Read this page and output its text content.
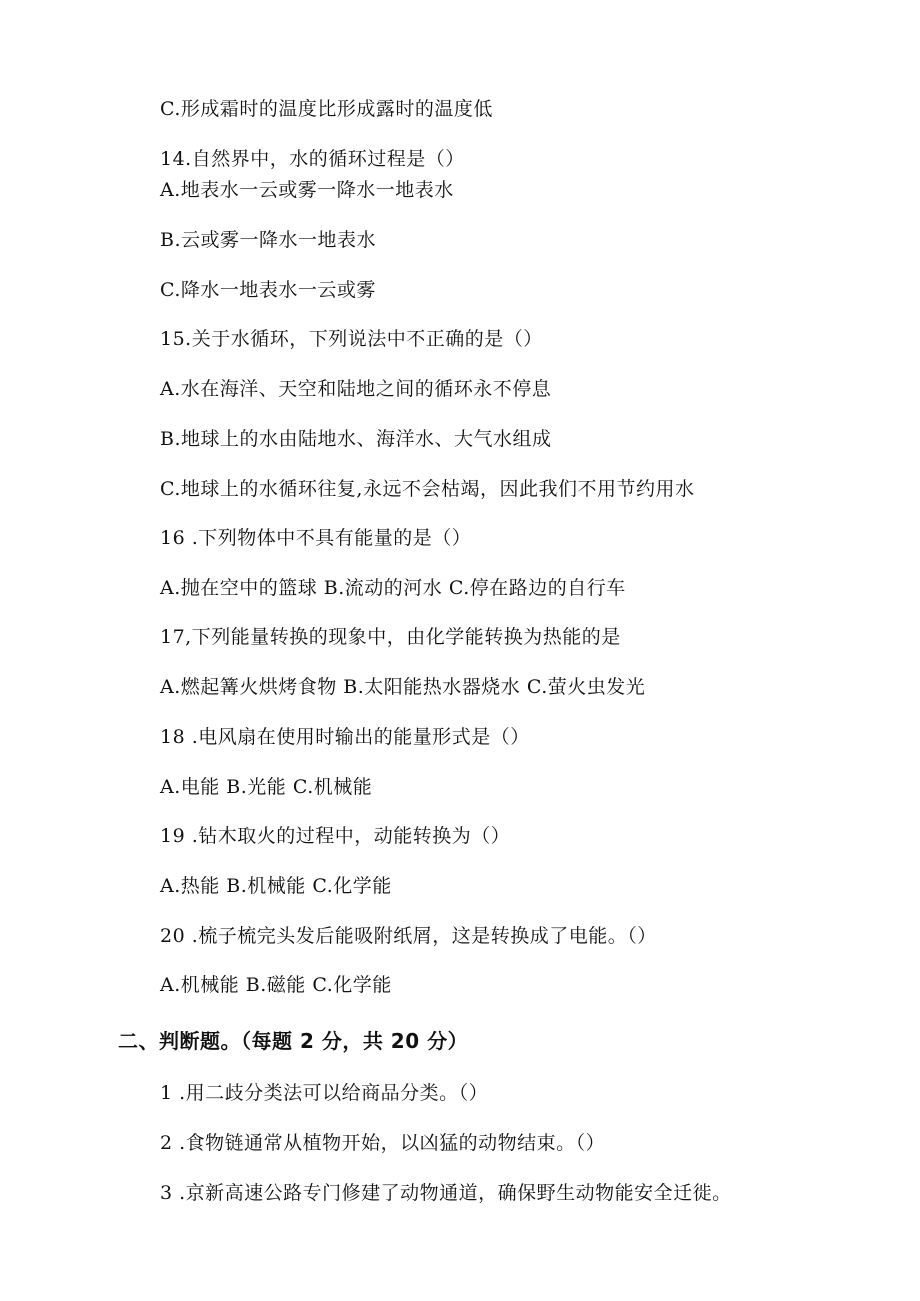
C.形成霜时的温度比形成露时的温度低
14.自然界中，水的循环过程是（）
A.地表水一云或雾一降水一地表水
B.云或雾一降水一地表水
C.降水一地表水一云或雾
15.关于水循环，下列说法中不正确的是（）
A.水在海洋、天空和陆地之间的循环永不停息
B.地球上的水由陆地水、海洋水、大气水组成
C.地球上的水循环往复,永远不会枯竭，因此我们不用节约用水
16 .下列物体中不具有能量的是（）
A.抛在空中的篮球 B.流动的河水 C.停在路边的自行车
17,下列能量转换的现象中，由化学能转换为热能的是
A.燃起篝火烘烤食物 B.太阳能热水器烧水 C.萤火虫发光
18 .电风扇在使用时输出的能量形式是（）
A.电能 B.光能 C.机械能
19 .钻木取火的过程中，动能转换为（）
A.热能 B.机械能 C.化学能
20 .梳子梳完头发后能吸附纸屑，这是转换成了电能。（）
A.机械能 B.磁能 C.化学能
二、判断题。（每题 2 分，共 20 分）
1 .用二歧分类法可以给商品分类。（）
2 .食物链通常从植物开始，以凶猛的动物结束。（）
3 .京新高速公路专门修建了动物通道，确保野生动物能安全迁徙。
